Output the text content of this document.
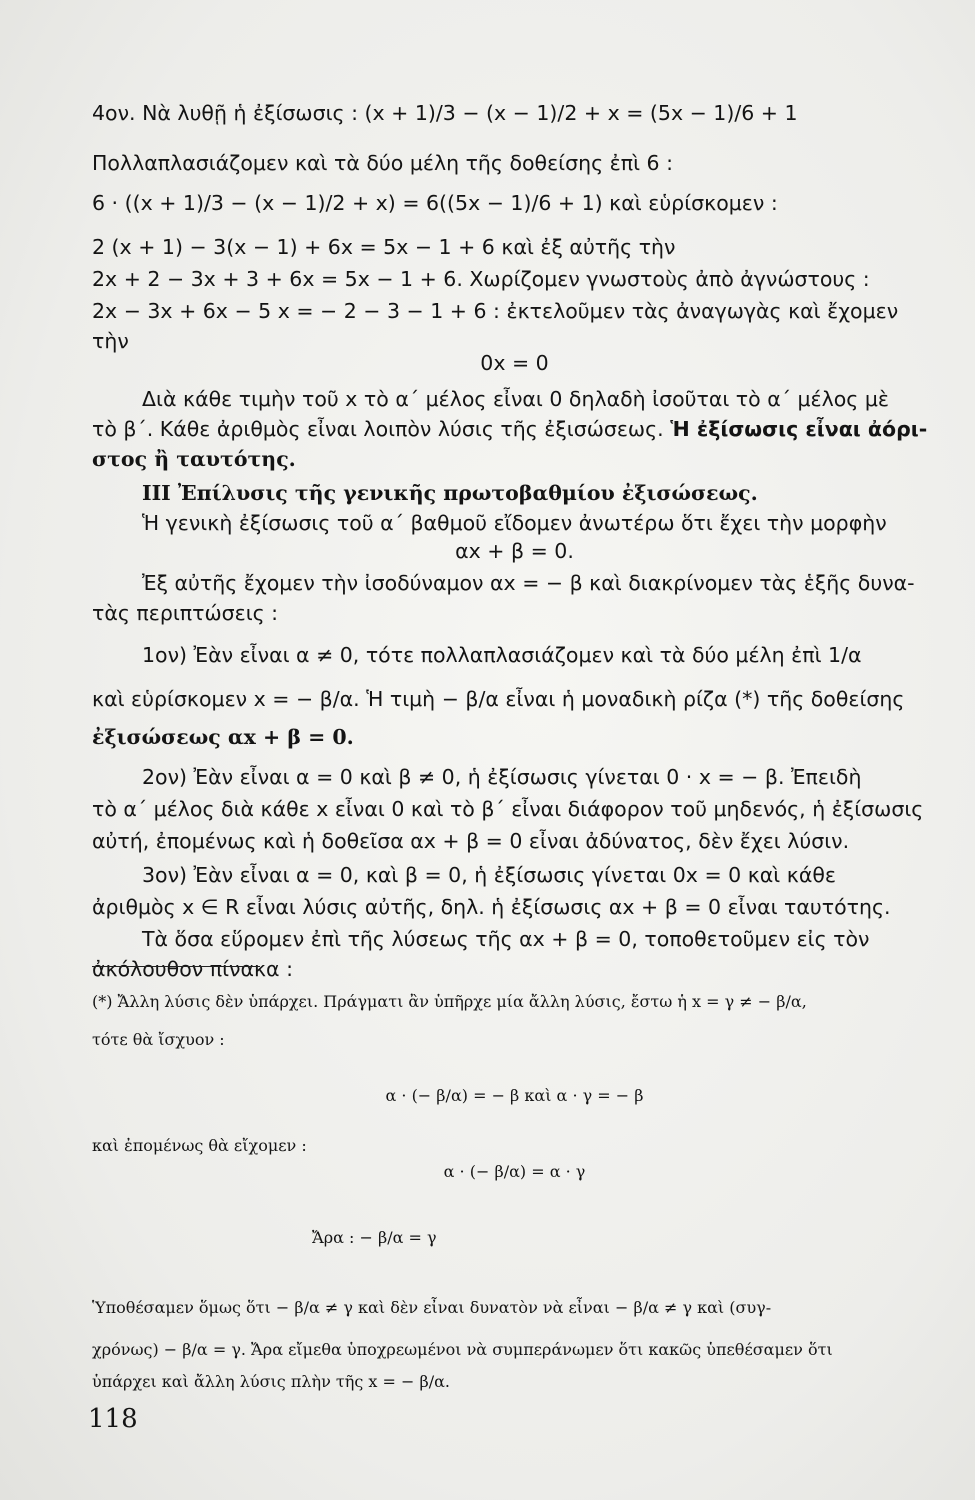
4ον. Νὰ λυθῇ ἡ ἐξίσωσις : (x + 1)/3 − (x − 1)/2 + x = (5x − 1)/6 + 1
Πολλαπλασιάζομεν καὶ τὰ δύο μέλη τῆς δοθείσης ἐπὶ 6 :
6 · ((x + 1)/3 − (x − 1)/2 + x) = 6((5x − 1)/6 + 1) καὶ εὑρίσκομεν :
2 (x + 1) − 3(x − 1) + 6x = 5x − 1 + 6 καὶ ἐξ αὐτῆς τὴν
2x + 2 − 3x + 3 + 6x = 5x − 1 + 6. Χωρίζομεν γνωστοὺς ἀπὸ ἀγνώστους :
2x − 3x + 6x − 5 x = − 2 − 3 − 1 + 6 : ἐκτελοῦμεν τὰς ἀναγωγὰς καὶ ἔχομεν
τὴν
0x = 0
Διὰ κάθε τιμὴν τοῦ x τὸ α΄ μέλος εἶναι 0 δηλαδὴ ἰσοῦται τὸ α΄ μέλος μὲ
τὸ β΄. Κάθε ἀριθμὸς εἶναι λοιπὸν λύσις τῆς ἐξισώσεως. Ἡ ἐξίσωσις εἶναι ἀόρι-
στος ἢ ταυτότης.
ΙΙΙ Ἐπίλυσις τῆς γενικῆς πρωτοβαθμίου ἐξισώσεως.
Ἡ γενικὴ ἐξίσωσις τοῦ α΄ βαθμοῦ εἴδομεν ἀνωτέρω ὅτι ἔχει τὴν μορφὴν
αx + β = 0.
Ἐξ αὐτῆς ἔχομεν τὴν ἰσοδύναμον αx = − β καὶ διακρίνομεν τὰς ἑξῆς δυνα-
τὰς περιπτώσεις :
1ον) Ἐὰν εἶναι α ≠ 0, τότε πολλαπλασιάζομεν καὶ τὰ δύο μέλη ἐπὶ 1/α
καὶ εὑρίσκομεν x = − β/α. Ἡ τιμὴ − β/α εἶναι ἡ μοναδικὴ ρίζα (*) τῆς δοθείσης
ἐξισώσεως αx + β = 0.
2ον) Ἐὰν εἶναι α = 0 καὶ β ≠ 0, ἡ ἐξίσωσις γίνεται 0 · x = − β. Ἐπειδὴ
τὸ α΄ μέλος διὰ κάθε x εἶναι 0 καὶ τὸ β΄ εἶναι διάφορον τοῦ μηδενός, ἡ ἐξίσωσις
αὐτή, ἐπομένως καὶ ἡ δοθεῖσα αx + β = 0 εἶναι ἀδύνατος, δὲν ἔχει λύσιν.
3ον) Ἐὰν εἶναι α = 0, καὶ β = 0, ἡ ἐξίσωσις γίνεται 0x = 0 καὶ κάθε
ἀριθμὸς x ∈ R εἶναι λύσις αὐτῆς, δηλ. ἡ ἐξίσωσις αx + β = 0 εἶναι ταυτότης.
Τὰ ὅσα εὕρομεν ἐπὶ τῆς λύσεως τῆς αx + β = 0, τοποθετοῦμεν εἰς τὸν
ἀκόλουθον πίνακα :
(*) Ἄλλη λύσις δὲν ὑπάρχει. Πράγματι ἂν ὑπῆρχε μία ἄλλη λύσις, ἔστω ἡ x = γ ≠ − β/α,
τότε θὰ ἴσχυον :
α · (− β/α) = − β καὶ α · γ = − β
καὶ ἐπομένως θὰ εἴχομεν :
α · (− β/α) = α · γ
Ἄρα : − β/α = γ
Ὑποθέσαμεν ὅμως ὅτι − β/α ≠ γ καὶ δὲν εἶναι δυνατὸν νὰ εἶναι − β/α ≠ γ καὶ (συγ-
χρόνως) − β/α = γ. Ἄρα εἴμεθα ὑποχρεωμένοι νὰ συμπεράνωμεν ὅτι κακῶς ὑπεθέσαμεν ὅτι
ὑπάρχει καὶ ἄλλη λύσις πλὴν τῆς x = − β/α.
118
